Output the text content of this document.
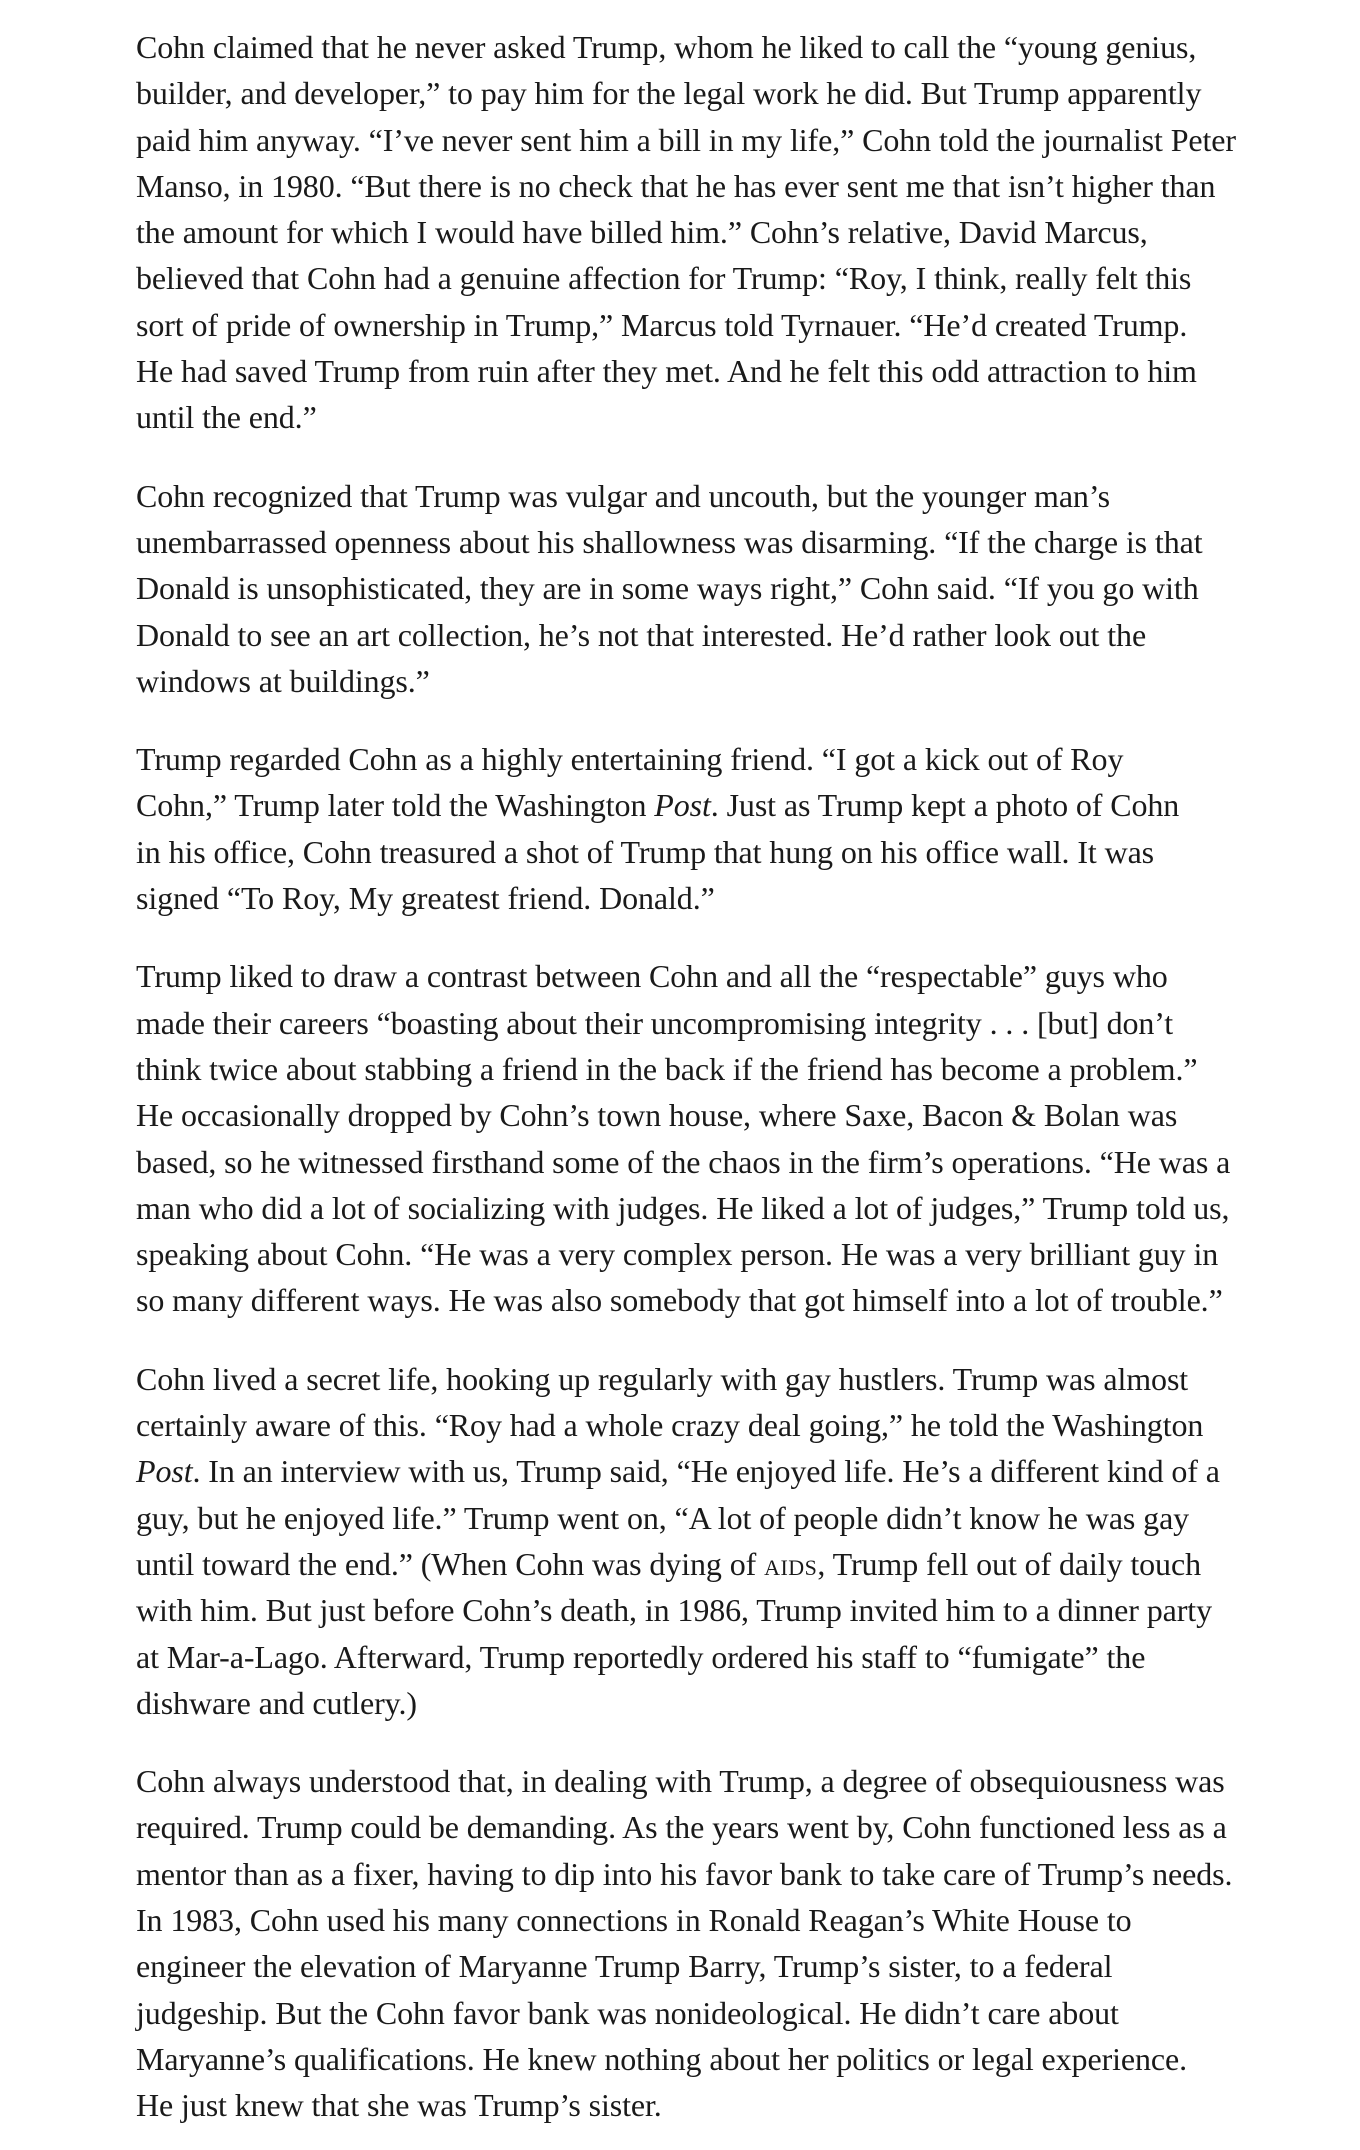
Cohn claimed that he never asked Trump, whom he liked to call the “young genius,
builder, and developer,” to pay him for the legal work he did. But Trump apparently
paid him anyway. “I’ve never sent him a bill in my life,” Cohn told the journalist Peter
Manso, in 1980. “But there is no check that he has ever sent me that isn’t higher than
the amount for which I would have billed him.” Cohn’s relative, David Marcus,
believed that Cohn had a genuine affection for Trump: “Roy, I think, really felt this
sort of pride of ownership in Trump,” Marcus told Tyrnauer. “He’d created Trump.
He had saved Trump from ruin after they met. And he felt this odd attraction to him
until the end.”

Cohn recognized that Trump was vulgar and uncouth, but the younger man’s
unembarrassed openness about his shallowness was disarming. “If the charge is that
Donald is unsophisticated, they are in some ways right,” Cohn said. “If you go with
Donald to see an art collection, he’s not that interested. He’d rather look out the
windows at buildings.”

Trump regarded Cohn as a highly entertaining friend. “I got a kick out of Roy
Cohn,” Trump later told the Washington Post. Just as Trump kept a photo of Cohn
in his office, Cohn treasured a shot of Trump that hung on his office wall. It was
signed “To Roy, My greatest friend. Donald.”

Trump liked to draw a contrast between Cohn and all the “respectable” guys who
made their careers “boasting about their uncompromising integrity . . . [but] don’t
think twice about stabbing a friend in the back if the friend has become a problem.”
He occasionally dropped by Cohn’s town house, where Saxe, Bacon & Bolan was
based, so he witnessed firsthand some of the chaos in the firm’s operations. “He was a
man who did a lot of socializing with judges. He liked a lot of judges,” Trump told us,
speaking about Cohn. “He was a very complex person. He was a very brilliant guy in
so many different ways. He was also somebody that got himself into a lot of trouble.”

Cohn lived a secret life, hooking up regularly with gay hustlers. Trump was almost
certainly aware of this. “Roy had a whole crazy deal going,” he told the Washington
Post. In an interview with us, Trump said, “He enjoyed life. He’s a different kind of a
guy, but he enjoyed life.” Trump went on, “A lot of people didn’t know he was gay
until toward the end.” (When Cohn was dying of aids, Trump fell out of daily touch
with him. But just before Cohn’s death, in 1986, Trump invited him to a dinner party
at Mar-a-Lago. Afterward, Trump reportedly ordered his staff to “fumigate” the
dishware and cutlery.)

Cohn always understood that, in dealing with Trump, a degree of obsequiousness was
required. Trump could be demanding. As the years went by, Cohn functioned less as a
mentor than as a fixer, having to dip into his favor bank to take care of Trump’s needs.
In 1983, Cohn used his many connections in Ronald Reagan’s White House to
engineer the elevation of Maryanne Trump Barry, Trump’s sister, to a federal
judgeship. But the Cohn favor bank was nonideological. He didn’t care about
Maryanne’s qualifications. He knew nothing about her politics or legal experience.
He just knew that she was Trump’s sister.
